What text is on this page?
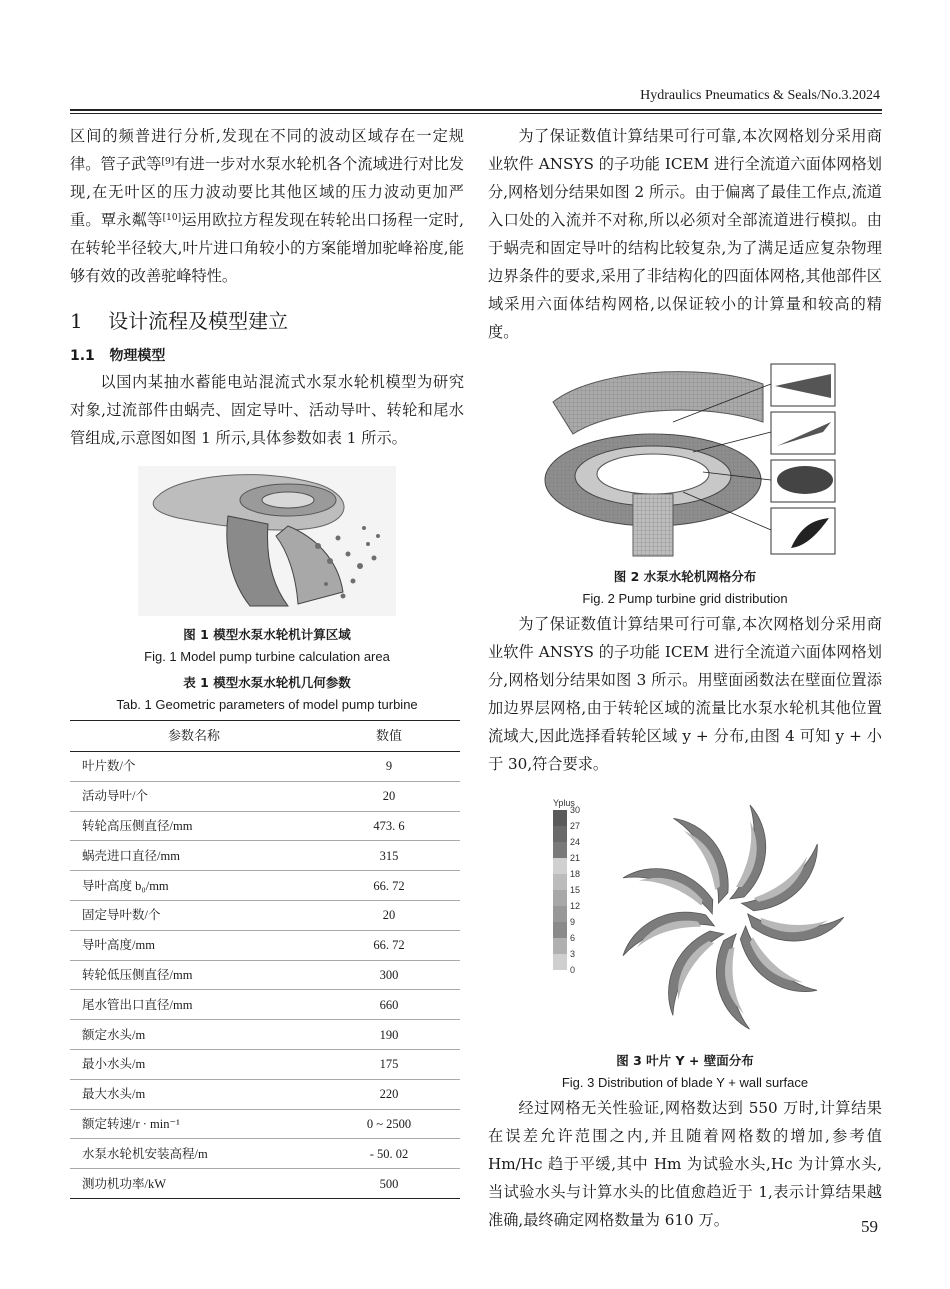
Hydraulics Pneumatics & Seals/No.3.2024

区间的频普进行分析,发现在不同的波动区域存在一定规律。管子武等[9]有进一步对水泵水轮机各个流域进行对比发现,在无叶区的压力波动要比其他区域的压力波动更加严重。覃永粼等[10]运用欧拉方程发现在转轮出口扬程一定时,在转轮半径较大,叶片进口角较小的方案能增加驼峰裕度,能够有效的改善驼峰特性。

1 设计流程及模型建立
1.1 物理模型

以国内某抽水蓄能电站混流式水泵水轮机模型为研究对象,过流部件由蜗壳、固定导叶、活动导叶、转轮和尾水管组成,示意图如图 1 所示,具体参数如表 1 所示。

图 1 模型水泵水轮机计算区域
Fig. 1 Model pump turbine calculation area
表 1 模型水泵水轮机几何参数
Tab. 1 Geometric parameters of model pump turbine
参数名称	数值
叶片数/个	9
活动导叶/个	20
转轮高压侧直径/mm	473. 6
蜗壳进口直径/mm	315
导叶高度 b₀/mm	66. 72
固定导叶数/个	20
导叶高度/mm	66. 72
转轮低压侧直径/mm	300
尾水管出口直径/mm	660
额定水头/m	190
最小水头/m	175
最大水头/m	220
额定转速/r · min⁻¹	0 ~ 2500
水泵水轮机安装高程/m	- 50. 02
测功机功率/kW	500

为了保证数值计算结果可行可靠,本次网格划分采用商业软件 ANSYS 的子功能 ICEM 进行全流道六面体网格划分,网格划分结果如图 2 所示。由于偏离了最佳工作点,流道入口处的入流并不对称,所以必须对全部流道进行模拟。由于蜗壳和固定导叶的结构比较复杂,为了满足适应复杂物理边界条件的要求,采用了非结构化的四面体网格,其他部件区域采用六面体结构网格,以保证较小的计算量和较高的精度。

图 2 水泵水轮机网格分布
Fig. 2 Pump turbine grid distribution

为了保证数值计算结果可行可靠,本次网格划分采用商业软件 ANSYS 的子功能 ICEM 进行全流道六面体网格划分,网格划分结果如图 3 所示。用壁面函数法在壁面位置添加边界层网格,由于转轮区域的流量比水泵水轮机其他位置流域大,因此选择看转轮区域 y + 分布,由图 4 可知 y + 小于 30,符合要求。

Yplus
30
27
24
21
18
15
12
9
6
3
0
图 3 叶片 Y + 壁面分布
Fig. 3 Distribution of blade Y + wall surface

经过网格无关性验证,网格数达到 550 万时,计算结果在误差允许范围之内,并且随着网格数的增加,参考值 Hm/Hc 趋于平缓,其中 Hm 为试验水头,Hc 为计算水头,当试验水头与计算水头的比值愈趋近于 1,表示计算结果越准确,最终确定网格数量为 610 万。	59
